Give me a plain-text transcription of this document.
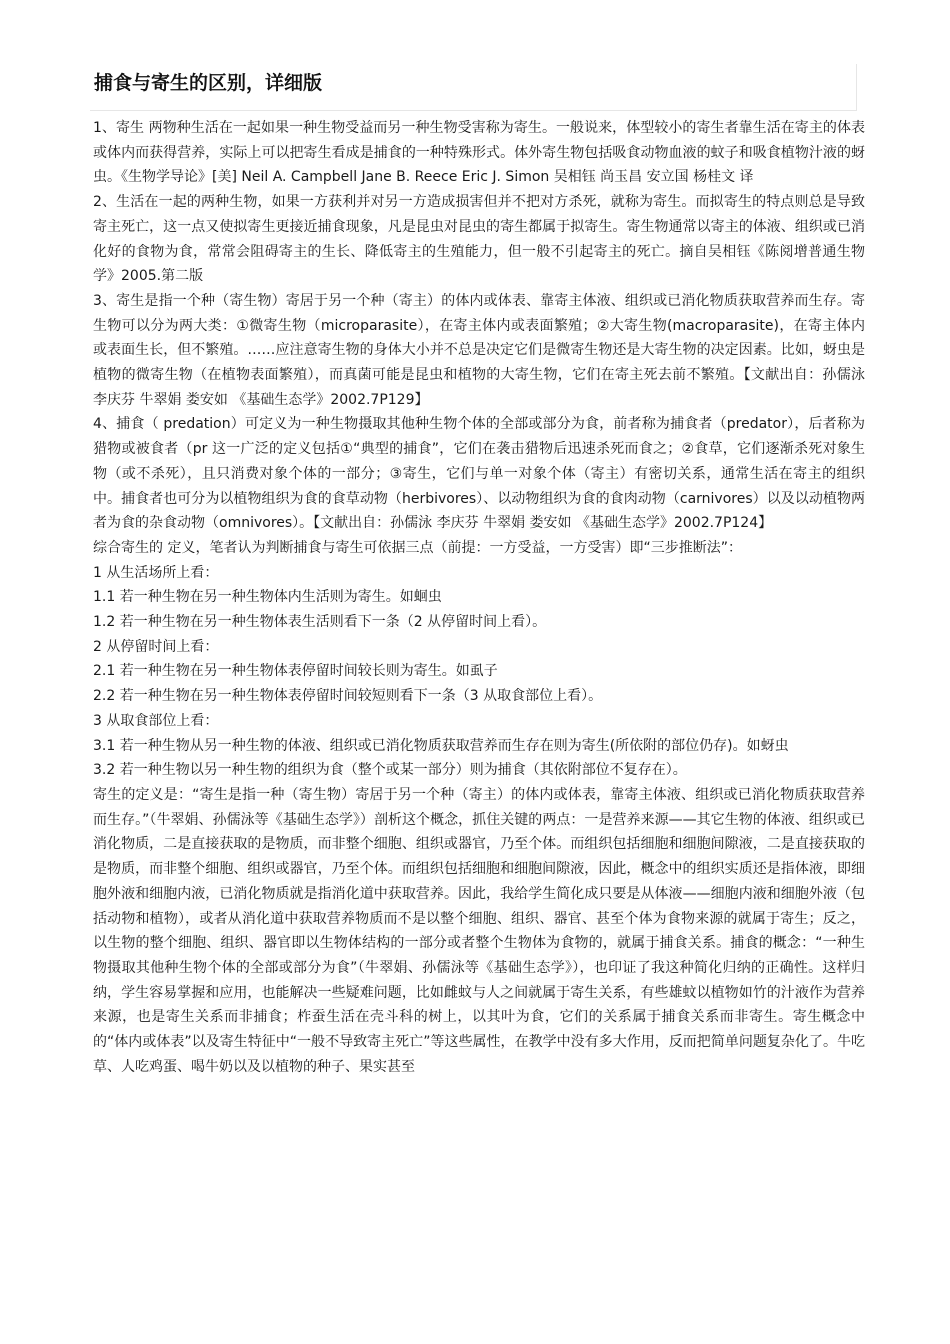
捕食与寄生的区别，详细版

1、寄生 两物种生活在一起如果一种生物受益而另一种生物受害称为寄生。一般说来，体型较小的寄生者靠生活在寄主的体表或体内而获得营养，实际上可以把寄生看成是捕食的一种特殊形式。体外寄生物包括吸食动物血液的蚊子和吸食植物汁液的蚜虫。《生物学导论》[美] Neil A. Campbell Jane B. Reece Eric J. Simon 吴相钰 尚玉昌 安立国 杨桂文 译

2、生活在一起的两种生物，如果一方获利并对另一方造成损害但并不把对方杀死，就称为寄生。而拟寄生的特点则总是导致寄主死亡，这一点又使拟寄生更接近捕食现象，凡是昆虫对昆虫的寄生都属于拟寄生。寄生物通常以寄主的体液、组织或已消化好的食物为食，常常会阻碍寄主的生长、降低寄主的生殖能力，但一般不引起寄主的死亡。摘自吴相钰《陈阅增普通生物学》2005.第二版

3、寄生是指一个种（寄生物）寄居于另一个种（寄主）的体内或体表、靠寄主体液、组织或已消化物质获取营养而生存。寄生物可以分为两大类：①微寄生物（microparasite），在寄主体内或表面繁殖；②大寄生物(macroparasite)，在寄主体内或表面生长，但不繁殖。……应注意寄生物的身体大小并不总是决定它们是微寄生物还是大寄生物的决定因素。比如，蚜虫是植物的微寄生物（在植物表面繁殖），而真菌可能是昆虫和植物的大寄生物，它们在寄主死去前不繁殖。【文献出自：孙儒泳 李庆芬 牛翠娟 娄安如 《基础生态学》2002.7P129】

4、捕食（ predation）可定义为一种生物摄取其他种生物个体的全部或部分为食，前者称为捕食者（predator），后者称为猎物或被食者（pr 这一广泛的定义包括①“典型的捕食”，它们在袭击猎物后迅速杀死而食之；②食草，它们逐渐杀死对象生物（或不杀死），且只消费对象个体的一部分；③寄生，它们与单一对象个体（寄主）有密切关系，通常生活在寄主的组织中。捕食者也可分为以植物组织为食的食草动物（herbivores）、以动物组织为食的食肉动物（carnivores）以及以动植物两者为食的杂食动物（omnivores）。【文献出自：孙儒泳 李庆芬 牛翠娟 娄安如 《基础生态学》2002.7P124】

综合寄生的 定义，笔者认为判断捕食与寄生可依据三点（前提：一方受益，一方受害）即“三步推断法”：

1 从生活场所上看：

1.1 若一种生物在另一种生物体内生活则为寄生。如蛔虫

1.2 若一种生物在另一种生物体表生活则看下一条（2 从停留时间上看）。

2 从停留时间上看：

2.1 若一种生物在另一种生物体表停留时间较长则为寄生。如虱子

2.2 若一种生物在另一种生物体表停留时间较短则看下一条（3 从取食部位上看）。

3 从取食部位上看：

3.1 若一种生物从另一种生物的体液、组织或已消化物质获取营养而生存在则为寄生(所依附的部位仍存)。如蚜虫

3.2 若一种生物以另一种生物的组织为食（整个或某一部分）则为捕食（其依附部位不复存在）。

寄生的定义是：“寄生是指一种（寄生物）寄居于另一个种（寄主）的体内或体表，靠寄主体液、组织或已消化物质获取营养而生存。”（牛翠娟、孙儒泳等《基础生态学》）剖析这个概念，抓住关键的两点：一是营养来源——其它生物的体液、组织或已消化物质，二是直接获取的是物质，而非整个细胞、组织或器官，乃至个体。而组织包括细胞和细胞间隙液，二是直接获取的是物质，而非整个细胞、组织或器官，乃至个体。而组织包括细胞和细胞间隙液，因此，概念中的组织实质还是指体液，即细胞外液和细胞内液，已消化物质就是指消化道中获取营养。因此，我给学生简化成只要是从体液——细胞内液和细胞外液（包括动物和植物），或者从消化道中获取营养物质而不是以整个细胞、组织、器官、甚至个体为食物来源的就属于寄生；反之，以生物的整个细胞、组织、器官即以生物体结构的一部分或者整个生物体为食物的，就属于捕食关系。捕食的概念：“一种生物摄取其他种生物个体的全部或部分为食”（牛翠娟、孙儒泳等《基础生态学》），也印证了我这种简化归纳的正确性。这样归纳，学生容易掌握和应用，也能解决一些疑难问题，比如雌蚊与人之间就属于寄生关系，有些雄蚊以植物如竹的汁液作为营养来源，也是寄生关系而非捕食；柞蚕生活在壳斗科的树上，以其叶为食，它们的关系属于捕食关系而非寄生。寄生概念中的“体内或体表”以及寄生特征中“一般不导致寄主死亡”等这些属性，在教学中没有多大作用，反而把简单问题复杂化了。牛吃草、人吃鸡蛋、喝牛奶以及以植物的种子、果实甚至
